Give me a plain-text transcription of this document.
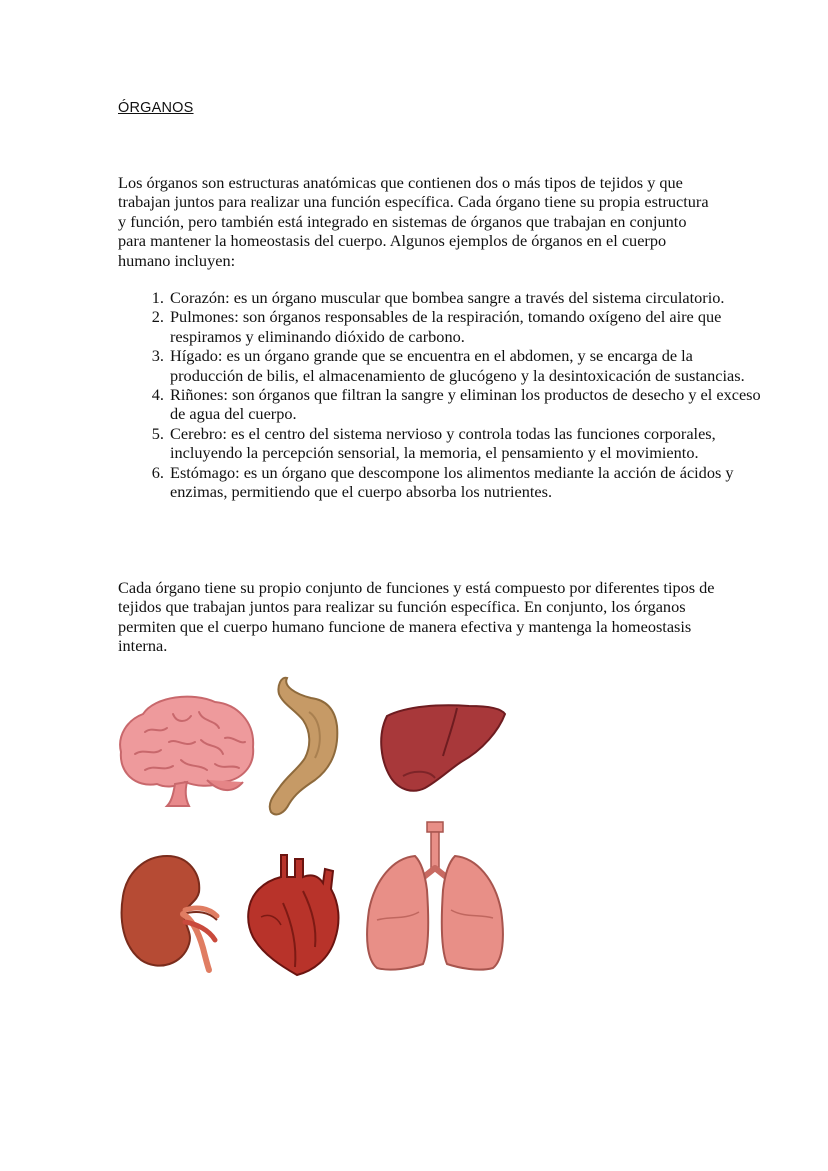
ÓRGANOS

Los órganos son estructuras anatómicas que contienen dos o más tipos de tejidos y que trabajan juntos para realizar una función específica. Cada órgano tiene su propia estructura y función, pero también está integrado en sistemas de órganos que trabajan en conjunto para mantener la homeostasis del cuerpo. Algunos ejemplos de órganos en el cuerpo humano incluyen:

1. Corazón: es un órgano muscular que bombea sangre a través del sistema circulatorio.
2. Pulmones: son órganos responsables de la respiración, tomando oxígeno del aire que respiramos y eliminando dióxido de carbono.
3. Hígado: es un órgano grande que se encuentra en el abdomen, y se encarga de la producción de bilis, el almacenamiento de glucógeno y la desintoxicación de sustancias.
4. Riñones: son órganos que filtran la sangre y eliminan los productos de desecho y el exceso de agua del cuerpo.
5. Cerebro: es el centro del sistema nervioso y controla todas las funciones corporales, incluyendo la percepción sensorial, la memoria, el pensamiento y el movimiento.
6. Estómago: es un órgano que descompone los alimentos mediante la acción de ácidos y enzimas, permitiendo que el cuerpo absorba los nutrientes.

Cada órgano tiene su propio conjunto de funciones y está compuesto por diferentes tipos de tejidos que trabajan juntos para realizar su función específica. En conjunto, los órganos permiten que el cuerpo humano funcione de manera efectiva y mantenga la homeostasis interna.
